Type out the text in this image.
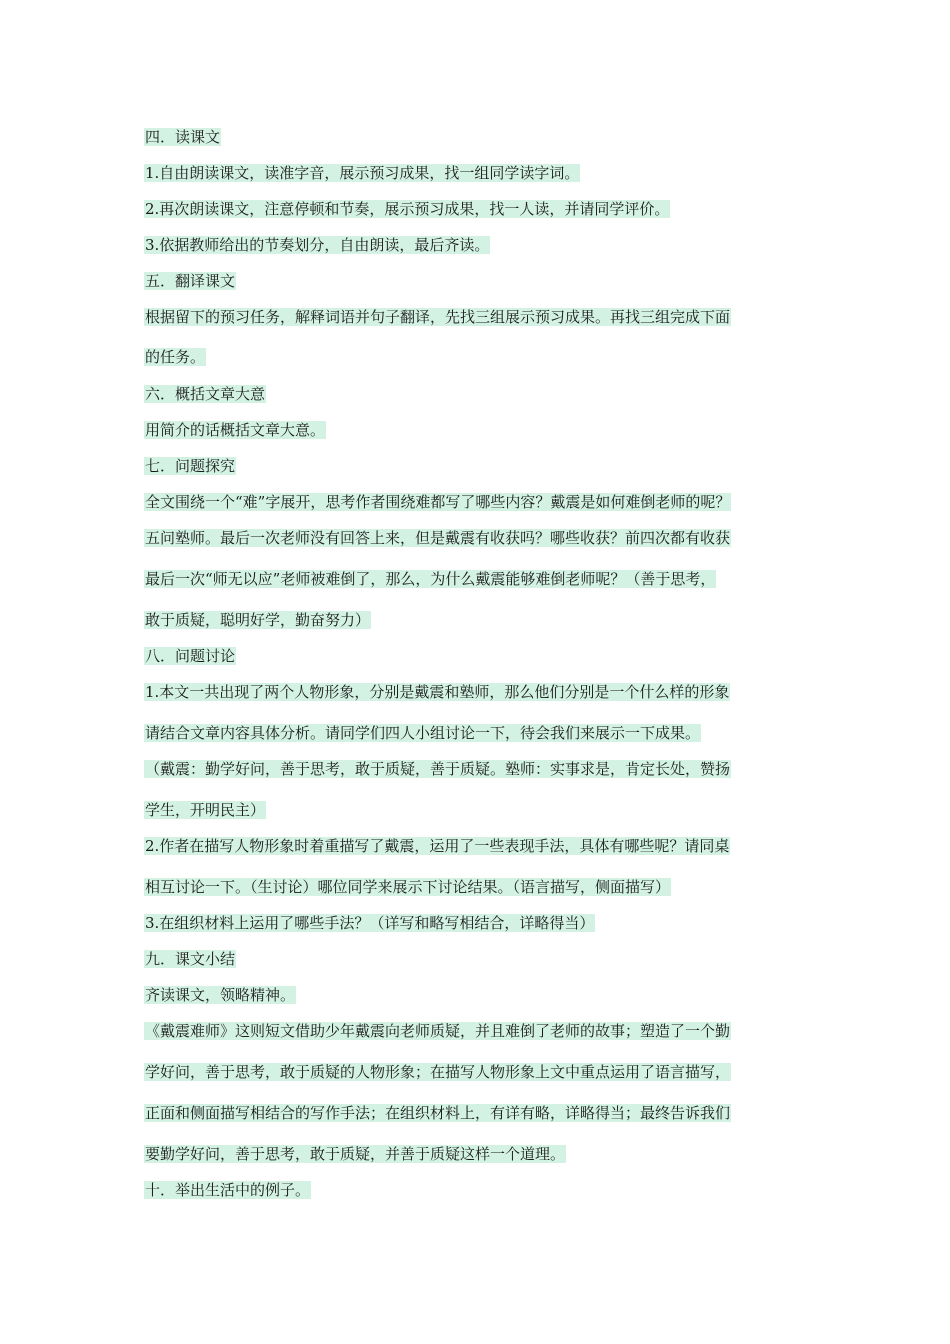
四．读课文
1.自由朗读课文，读准字音，展示预习成果，找一组同学读字词。
2.再次朗读课文，注意停顿和节奏，展示预习成果，找一人读，并请同学评价。
3.依据教师给出的节奏划分，自由朗读，最后齐读。
五．翻译课文
根据留下的预习任务，解释词语并句子翻译，先找三组展示预习成果。再找三组完成下面
的任务。
六．概括文章大意
用简介的话概括文章大意。
七．问题探究
全文围绕一个“难”字展开，思考作者围绕难都写了哪些内容？戴震是如何难倒老师的呢？
五问塾师。最后一次老师没有回答上来，但是戴震有收获吗？哪些收获？前四次都有收获
最后一次“师无以应”老师被难倒了，那么，为什么戴震能够难倒老师呢？（善于思考，
敢于质疑，聪明好学，勤奋努力）
八．问题讨论
1.本文一共出现了两个人物形象，分别是戴震和塾师，那么他们分别是一个什么样的形象
请结合文章内容具体分析。请同学们四人小组讨论一下，待会我们来展示一下成果。
（戴震：勤学好问，善于思考，敢于质疑，善于质疑。塾师：实事求是，肯定长处，赞扬
学生，开明民主）
2.作者在描写人物形象时着重描写了戴震，运用了一些表现手法，具体有哪些呢？请同桌
相互讨论一下。（生讨论）哪位同学来展示下讨论结果。（语言描写，侧面描写）
3.在组织材料上运用了哪些手法？（详写和略写相结合，详略得当）
九．课文小结
齐读课文，领略精神。
《戴震难师》这则短文借助少年戴震向老师质疑，并且难倒了老师的故事；塑造了一个勤
学好问，善于思考，敢于质疑的人物形象；在描写人物形象上文中重点运用了语言描写，
正面和侧面描写相结合的写作手法；在组织材料上，有详有略，详略得当；最终告诉我们
要勤学好问，善于思考，敢于质疑，并善于质疑这样一个道理。
十．举出生活中的例子。
